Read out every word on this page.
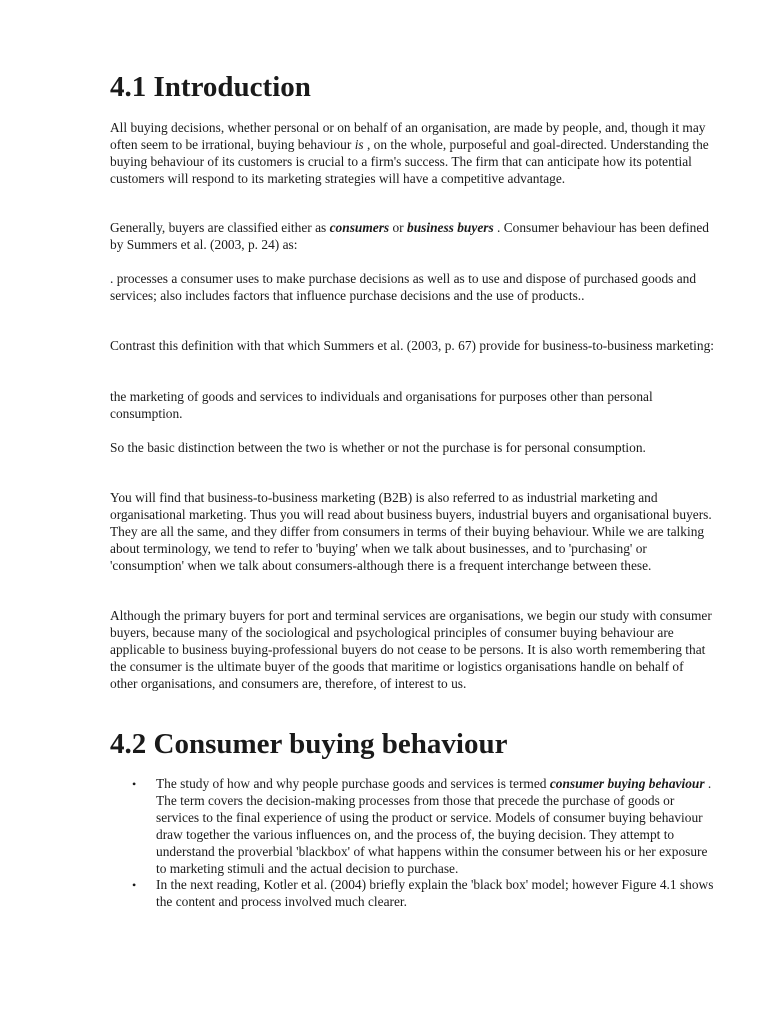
4.1 Introduction

All buying decisions, whether personal or on behalf of an organisation, are made by people, and, though it may often seem to be irrational, buying behaviour is , on the whole, purposeful and goal-directed. Understanding the buying behaviour of its customers is crucial to a firm's success. The firm that can anticipate how its potential customers will respond to its marketing strategies will have a competitive advantage.

Generally, buyers are classified either as consumers or business buyers . Consumer behaviour has been defined by Summers et al. (2003, p. 24) as:

. processes a consumer uses to make purchase decisions as well as to use and dispose of purchased goods and services; also includes factors that influence purchase decisions and the use of products..

Contrast this definition with that which Summers et al. (2003, p. 67) provide for business-to-business marketing:

the marketing of goods and services to individuals and organisations for purposes other than personal consumption.

So the basic distinction between the two is whether or not the purchase is for personal consumption.

You will find that business-to-business marketing (B2B) is also referred to as industrial marketing and organisational marketing. Thus you will read about business buyers, industrial buyers and organisational buyers. They are all the same, and they differ from consumers in terms of their buying behaviour. While we are talking about terminology, we tend to refer to 'buying' when we talk about businesses, and to 'purchasing' or 'consumption' when we talk about consumers-although there is a frequent interchange between these.

Although the primary buyers for port and terminal services are organisations, we begin our study with consumer buyers, because many of the sociological and psychological principles of consumer buying behaviour are applicable to business buying-professional buyers do not cease to be persons. It is also worth remembering that the consumer is the ultimate buyer of the goods that maritime or logistics organisations handle on behalf of other organisations, and consumers are, therefore, of interest to us.

4.2 Consumer buying behaviour
• The study of how and why people purchase goods and services is termed consumer buying behaviour . The term covers the decision-making processes from those that precede the purchase of goods or services to the final experience of using the product or service. Models of consumer buying behaviour draw together the various influences on, and the process of, the buying decision. They attempt to understand the proverbial 'blackbox' of what happens within the consumer between his or her exposure to marketing stimuli and the actual decision to purchase.
• In the next reading, Kotler et al. (2004) briefly explain the 'black box' model; however Figure 4.1 shows the content and process involved much clearer.
